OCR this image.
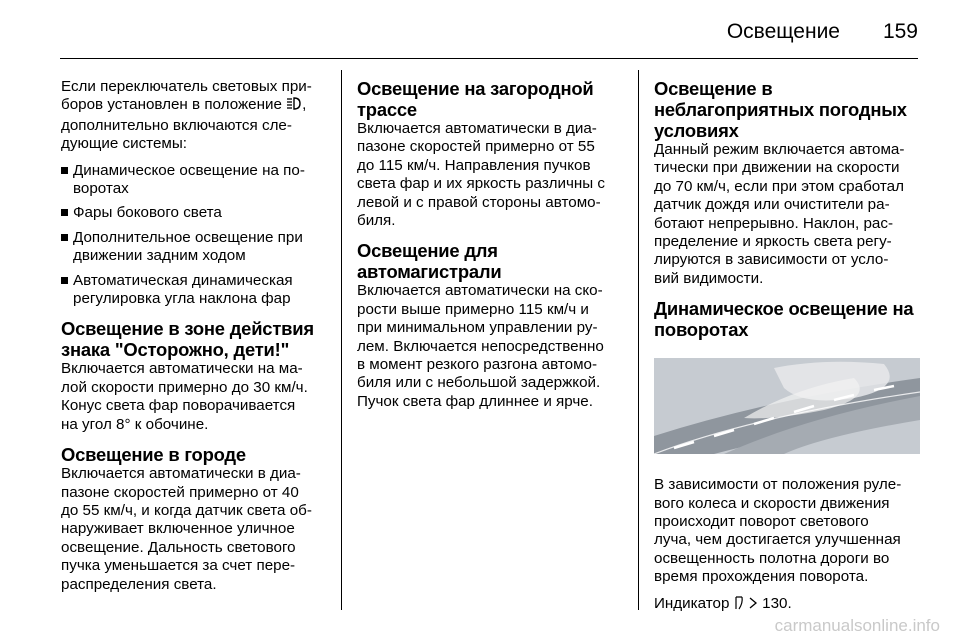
Освещение 159

Если переключатель световых при-
боров установлен в положение ,
дополнительно включаются сле-
дующие системы:

Динамическое освещение на по-
воротах
Фары бокового света
Дополнительное освещение при
движении задним ходом
Автоматическая динамическая
регулировка угла наклона фар
Освещение в зоне действия
знака "Осторожно, дети!"

Включается автоматически на ма-
лой скорости примерно до 30 км/ч.
Конус света фар поворачивается
на угол 8° к обочине.

Освещение в городе

Включается автоматически в диа-
пазоне скоростей примерно от 40
до 55 км/ч, и когда датчик света об-
наруживает включенное уличное
освещение. Дальность светового
пучка уменьшается за счет пере-
распределения света.

Освещение на загородной
трассе

Включается автоматически в диа-
пазоне скоростей примерно от 55
до 115 км/ч. Направления пучков
света фар и их яркость различны с
левой и с правой стороны автомо-
биля.

Освещение для
автомагистрали

Включается автоматически на ско-
рости выше примерно 115 км/ч и
при минимальном управлении ру-
лем. Включается непосредственно
в момент резкого разгона автомо-
биля или с небольшой задержкой.
Пучок света фар длиннее и ярче.

Освещение в
неблагоприятных погодных
условиях

Данный режим включается автома-
тически при движении на скорости
до 70 км/ч, если при этом сработал
датчик дождя или очистители ра-
ботают непрерывно. Наклон, рас-
пределение и яркость света регу-
лируются в зависимости от усло-
вий видимости.

Динамическое освещение на
поворотах

В зависимости от положения руле-
вого колеса и скорости движения
происходит поворот светового
луча, чем достигается улучшенная
освещенность полотна дороги во
время прохождения поворота.

Индикатор 130.

carmanualsonline.info
